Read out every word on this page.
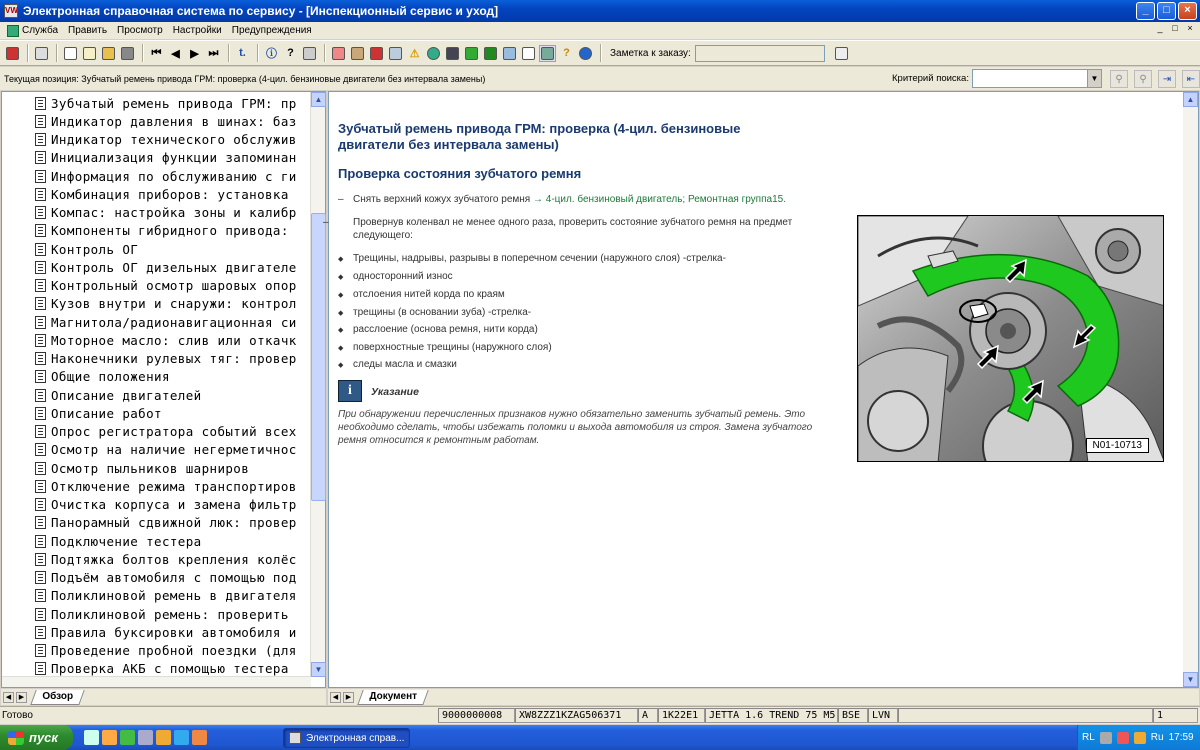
VW Электронная справочная система по сервису - [Инспекционный сервис и уход]	_	□	×
Служба	Править	Просмотр	Настройки	Предупреждения	_	□	×
⏮ ◀ ▶ ⏭	t.	ⓘ ?	⚠	?	Заметка к заказу:
Текущая позиция: Зубчатый ремень привода ГРМ: проверка (4-цил. бензиновые двигатели без интервала замены)	Критерий поиска:	▼	⚲	⚲	⇥	⇤
Зубчатый ремень привода ГРМ: пр
Индикатор давления в шинах: баз
Индикатор технического обслужив
Инициализация функции запоминан
Информация по обслуживанию с ги
Комбинация приборов: установка
Компас: настройка зоны и калибр
Компоненты гибридного привода:
Контроль ОГ
Контроль ОГ дизельных двигателе
Контрольный осмотр шаровых опор
Кузов внутри и снаружи: контрол
Магнитола/радионавигационная си
Моторное масло: слив или откачк
Наконечники рулевых тяг: провер
Общие положения
Описание двигателей
Описание работ
Опрос регистратора событий всех
Осмотр на наличие негерметичнос
Осмотр пыльников шарниров
Отключение режима транспортиров
Очистка корпуса и замена фильтр
Панорамный сдвижной люк: провер
Подключение тестера
Подтяжка болтов крепления колёс
Подъём автомобиля с помощью под
Поликлиновой ремень в двигателя
Поликлиновой ремень: проверить
Правила буксировки автомобиля и
Проведение пробной поездки (для
Проверка АКБ с помощью тестера
▲
▼
◀	▶	Обзор
Зубчатый ремень привода ГРМ: проверка (4-цил. бензиновые двигатели без интервала замены)
Проверка состояния зубчатого ремня
– Снять верхний кожух зубчатого ремня → 4-цил. бензиновый двигатель; Ремонтная группа15.
– Провернув коленвал не менее одного раза, проверить состояние зубчатого ремня на предмет следующего:
◆ Трещины, надрывы, разрывы в поперечном сечении (наружного слоя) -стрелка-
◆ односторонний износ
◆ отслоения нитей корда по краям
◆ трещины (в основании зуба) -стрелка-
◆ расслоение (основа ремня, нити корда)
◆ поверхностные трещины (наружного слоя)
◆ следы масла и смазки
i	Указание
При обнаружении перечисленных признаков нужно обязательно заменить зубчатый ремень. Это необходимо сделать, чтобы избежать поломки и выхода автомобиля из строя. Замена зубчатого ремня относится к ремонтным работам.	N01-10713
▲
▼
◀	▶	Документ
Готово	9000000008	XW8ZZZ1KZAG506371	A	1K22E1	JETTA 1.6 TREND 75 M5 BSE	LVN	1
пуск	Электронная справ...	RL	Ru 17:59
